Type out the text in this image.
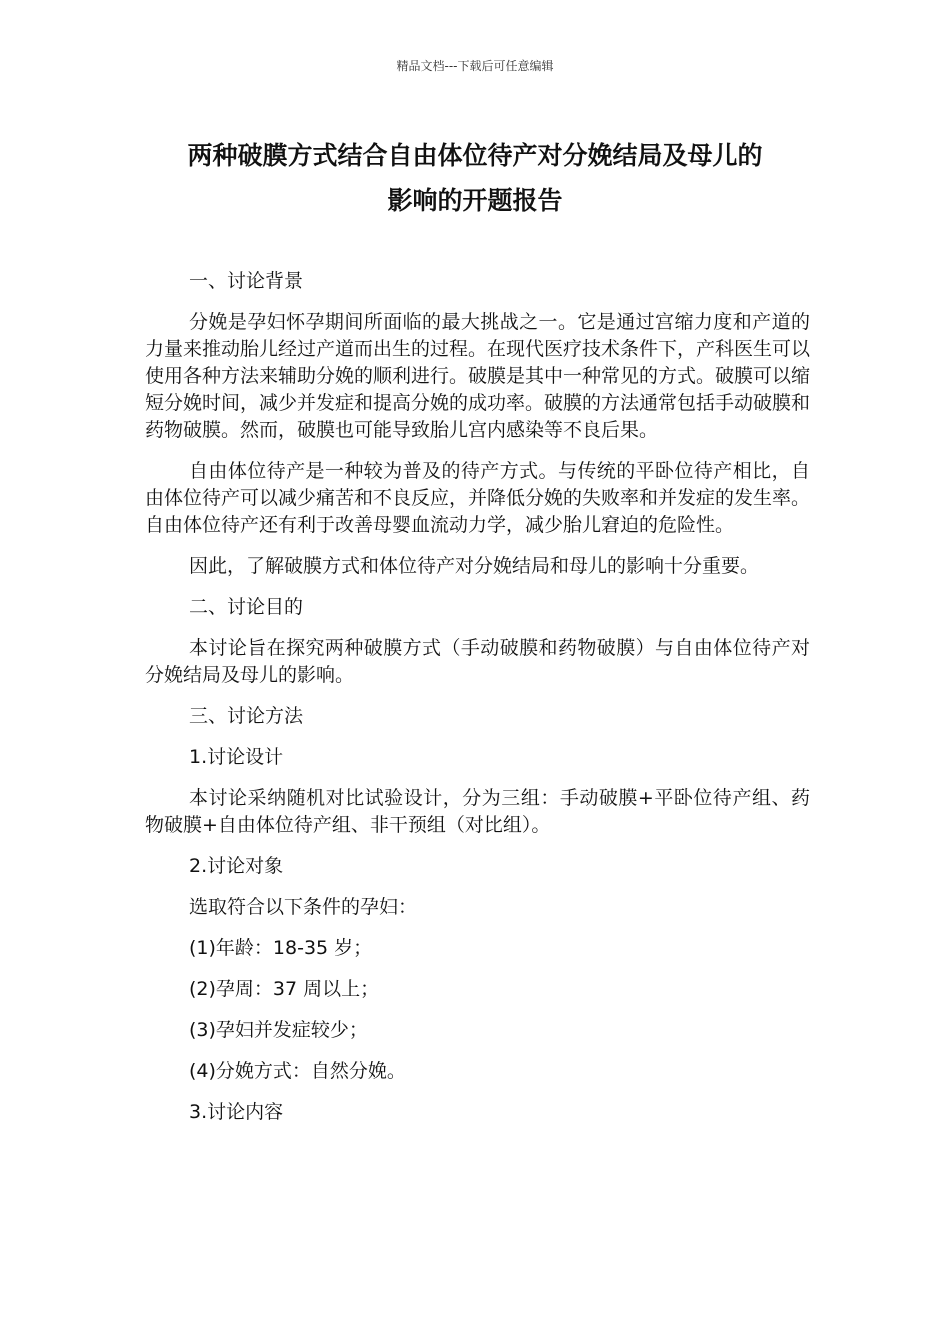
精品文档---下载后可任意编辑
两种破膜方式结合自由体位待产对分娩结局及母儿的
影响的开题报告

一、讨论背景

分娩是孕妇怀孕期间所面临的最大挑战之一。它是通过宫缩力度和产道的力量来推动胎儿经过产道而出生的过程。在现代医疗技术条件下，产科医生可以使用各种方法来辅助分娩的顺利进行。破膜是其中一种常见的方式。破膜可以缩短分娩时间，减少并发症和提高分娩的成功率。破膜的方法通常包括手动破膜和药物破膜。然而，破膜也可能导致胎儿宫内感染等不良后果。

自由体位待产是一种较为普及的待产方式。与传统的平卧位待产相比，自由体位待产可以减少痛苦和不良反应，并降低分娩的失败率和并发症的发生率。自由体位待产还有利于改善母婴血流动力学，减少胎儿窘迫的危险性。

因此，了解破膜方式和体位待产对分娩结局和母儿的影响十分重要。

二、讨论目的

本讨论旨在探究两种破膜方式（手动破膜和药物破膜）与自由体位待产对分娩结局及母儿的影响。

三、讨论方法

1.讨论设计

本讨论采纳随机对比试验设计，分为三组：手动破膜+平卧位待产组、药物破膜+自由体位待产组、非干预组（对比组）。

2.讨论对象

选取符合以下条件的孕妇：

(1)年龄：18-35 岁；

(2)孕周：37 周以上；

(3)孕妇并发症较少；

(4)分娩方式：自然分娩。

3.讨论内容
